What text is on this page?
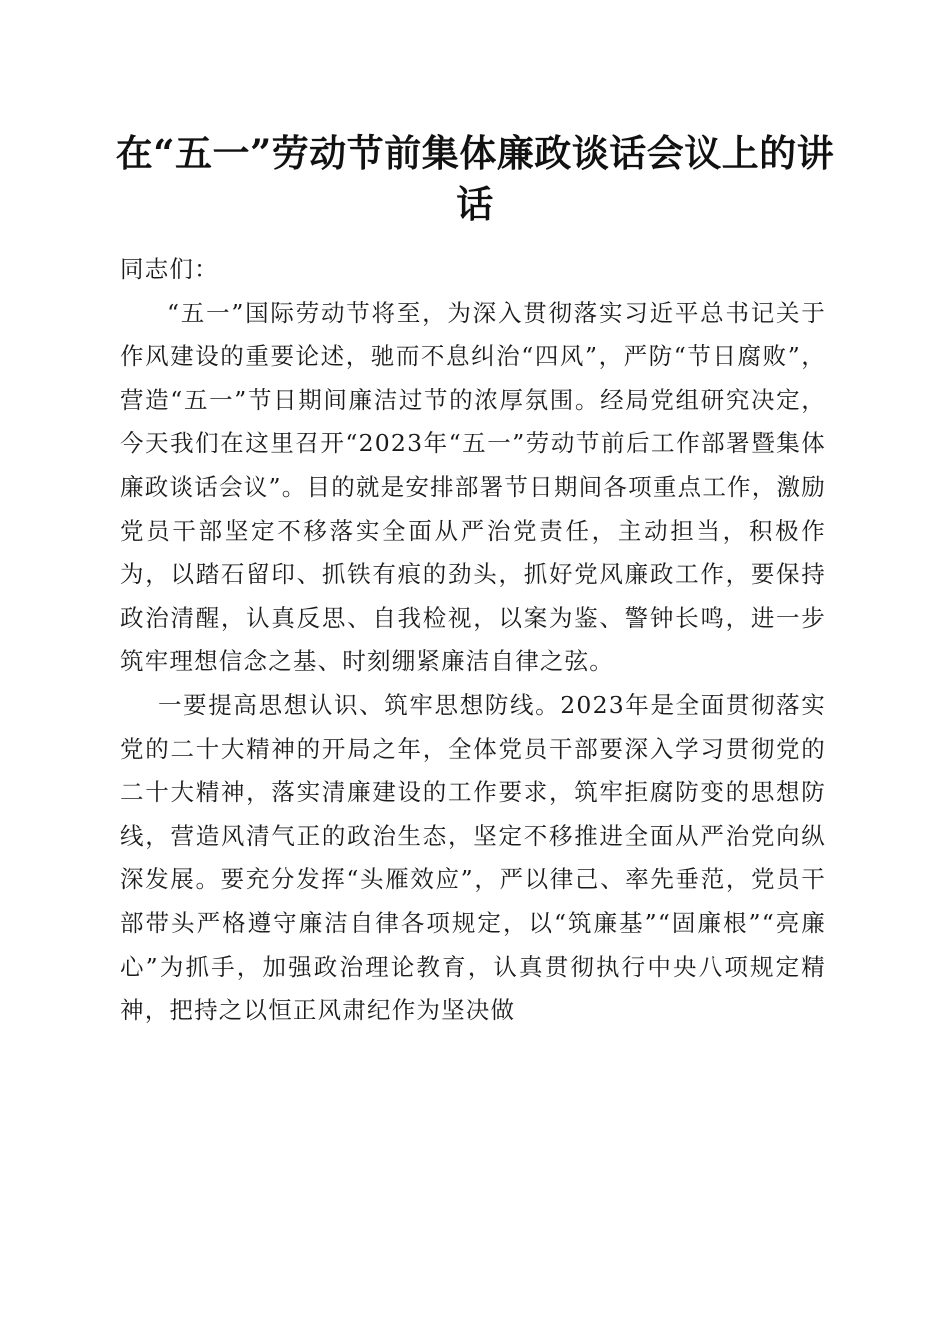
在“五一”劳动节前集体廉政谈话会议上的讲话

同志们：

“五一”国际劳动节将至，为深入贯彻落实习近平总书记关于作风建设的重要论述，驰而不息纠治“四风”，严防“节日腐败”，营造“五一”节日期间廉洁过节的浓厚氛围。经局党组研究决定，今天我们在这里召开“2023年“五一”劳动节前后工作部署暨集体廉政谈话会议”。目的就是安排部署节日期间各项重点工作，激励党员干部坚定不移落实全面从严治党责任，主动担当，积极作为，以踏石留印、抓铁有痕的劲头，抓好党风廉政工作，要保持政治清醒，认真反思、自我检视，以案为鉴、警钟长鸣，进一步筑牢理想信念之基、时刻绷紧廉洁自律之弦。

一要提高思想认识、筑牢思想防线。2023年是全面贯彻落实党的二十大精神的开局之年，全体党员干部要深入学习贯彻党的二十大精神，落实清廉建设的工作要求，筑牢拒腐防变的思想防线，营造风清气正的政治生态，坚定不移推进全面从严治党向纵深发展。要充分发挥“头雁效应”，严以律己、率先垂范，党员干部带头严格遵守廉洁自律各项规定，以“筑廉基”“固廉根”“亮廉心”为抓手，加强政治理论教育，认真贯彻执行中央八项规定精神，把持之以恒正风肃纪作为坚决做
